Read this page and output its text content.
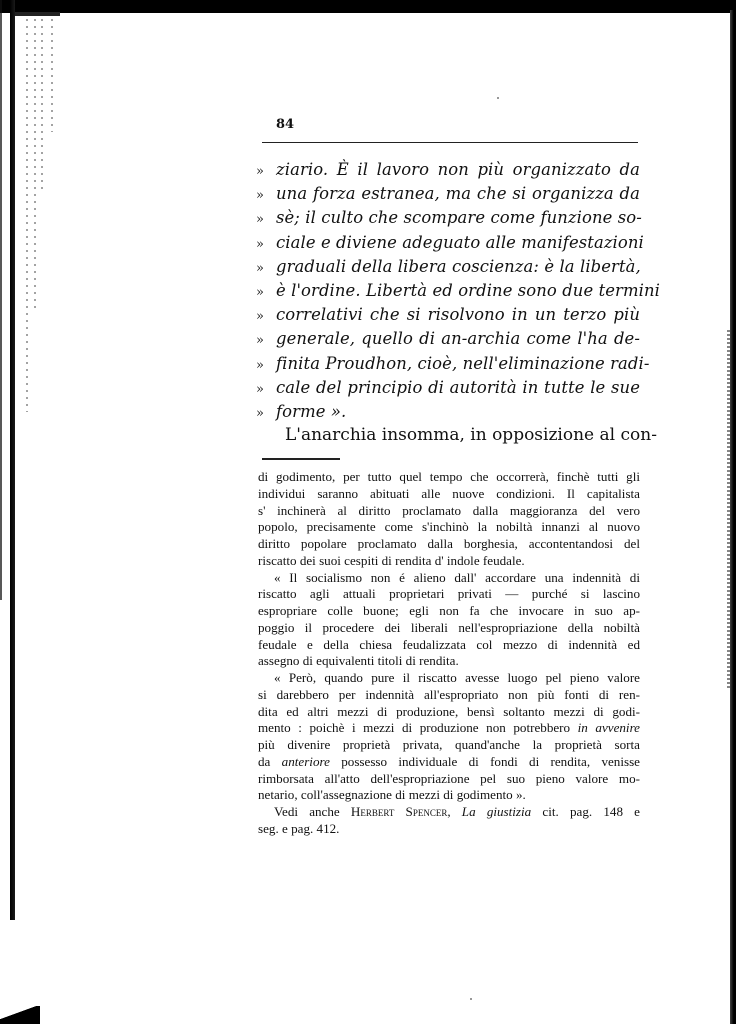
84
» ziario. È il lavoro non più organizzato da
» una forza estranea, ma che si organizza da
» sè; il culto che scompare come funzione so-
» ciale e diviene adeguato alle manifestazioni
» graduali della libera coscienza: è la libertà,
» è l'ordine. Libertà ed ordine sono due termini
» correlativi che si risolvono in un terzo più
» generale, quello di an-archia come l'ha de-
» finita Proudhon, cioè, nell'eliminazione radi-
» cale del principio di autorità in tutte le sue
» forme ».
L'anarchia insomma, in opposizione al con-
di godimento, per tutto quel tempo che occorrerà, finchè tutti gli
individui saranno abituati alle nuove condizioni. Il capitalista
s' inchinerà al diritto proclamato dalla maggioranza del vero
popolo, precisamente come s'inchinò la nobiltà innanzi al nuovo
diritto popolare proclamato dalla borghesia, accontentandosi del
riscatto dei suoi cespiti di rendita d' indole feudale.
« Il socialismo non é alieno dall' accordare una indennità di
riscatto agli attuali proprietari privati — purché si lascino
espropriare colle buone; egli non fa che invocare in suo ap-
poggio il procedere dei liberali nell'espropriazione della nobiltà
feudale e della chiesa feudalizzata col mezzo di indennità ed
assegno di equivalenti titoli di rendita.
« Però, quando pure il riscatto avesse luogo pel pieno valore
si darebbero per indennità all'espropriato non più fonti di ren-
dita ed altri mezzi di produzione, bensì soltanto mezzi di godi-
mento : poichè i mezzi di produzione non potrebbero in avvenire
più divenire proprietà privata, quand'anche la proprietà sorta
da anteriore possesso individuale di fondi di rendita, venisse
rimborsata all'atto dell'espropriazione pel suo pieno valore mo-
netario, coll'assegnazione di mezzi di godimento ».
Vedi anche Herbert Spencer, La giustizia cit. pag. 148 e
seg. e pag. 412.
